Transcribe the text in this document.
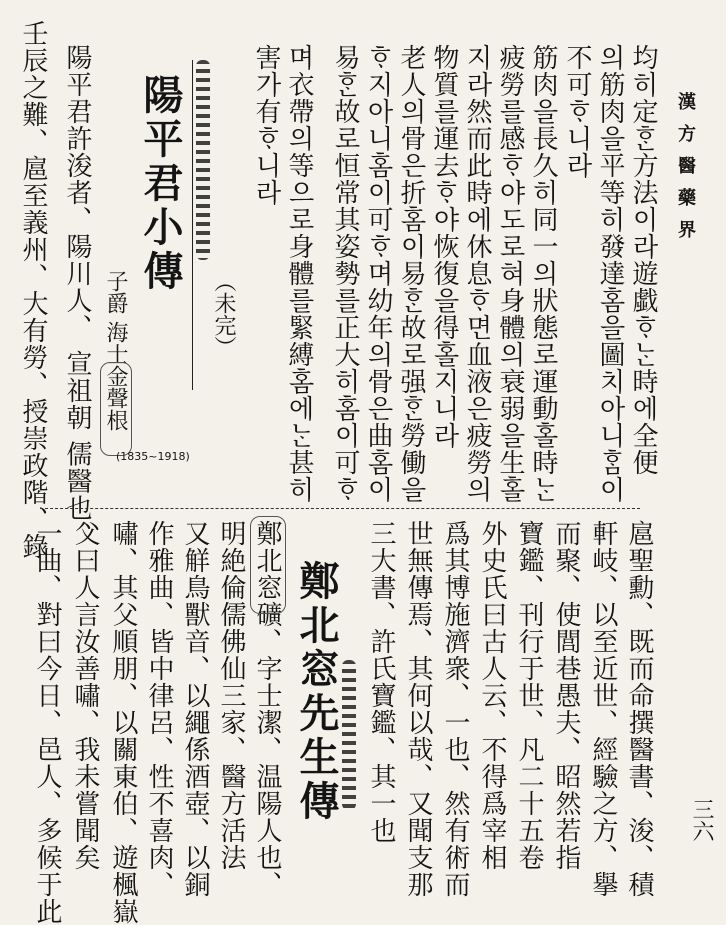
漢方醫藥界
三六
均히定ᄒᆞᆫ方法이라遊戱ᄒᆞᄂᆞᆫ時에全便
의筋肉을平等히發達홈을圖치아니ᄒᆞᆷ이
不可ᄒᆞ니라
筋肉을長久히同一의狀態로運動홀時ᄂᆞᆫ
疲勞를感ᄒᆞ야도로혀身體의衰弱을生홀
지라然而此時에休息ᄒᆞ면血液은疲勞의
物質를運去ᄒᆞ야恢復을得홀지니라
老人의骨은折홈이易ᄒᆞᆫ故로强ᄒᆞᆫ勞働을
ᄒᆞ지아니홈이可ᄒᆞ며幼年의骨은曲홈이
易ᄒᆞᆫ故로恒常其姿勢를正大히홈이可ᄒᆞ
며衣帶의等으로身體를緊縛홈에ᄂᆞᆫ甚히
害가有ᄒᆞ니라
（未完）
陽平君小傳
子爵 海士金聲根
(1835~1918)
陽平君許浚者、陽川人、 宣祖朝 儒醫也、
壬辰之難、扈至義州、大有勞、授崇政階、錄
扈聖勳、既而命撰醫書、浚、積
軒岐、以至近世、經驗之方、擧
而聚、使閭巷愚夫、昭然若指
寶鑑、刊行于世、凡二十五卷
外史氏曰古人云、不得爲宰相
爲其博施濟衆、一也、然有術而
世無傳焉、其何以哉、又聞支那
三大書、許氏寶鑑、其一也
鄭北窓先生傳
鄭北窓礦、字士潔、温陽人也、
明絶倫儒佛仙三家、醫方活法
又觧鳥獸音、以繩係酒壺、以銅
作雅曲、皆中律呂、性不喜肉、
嘯、其父順朋、以關東伯、遊楓嶽
父曰人言汝善嘯、我未嘗聞矣
一曲、對曰今日、邑人、多候于此
